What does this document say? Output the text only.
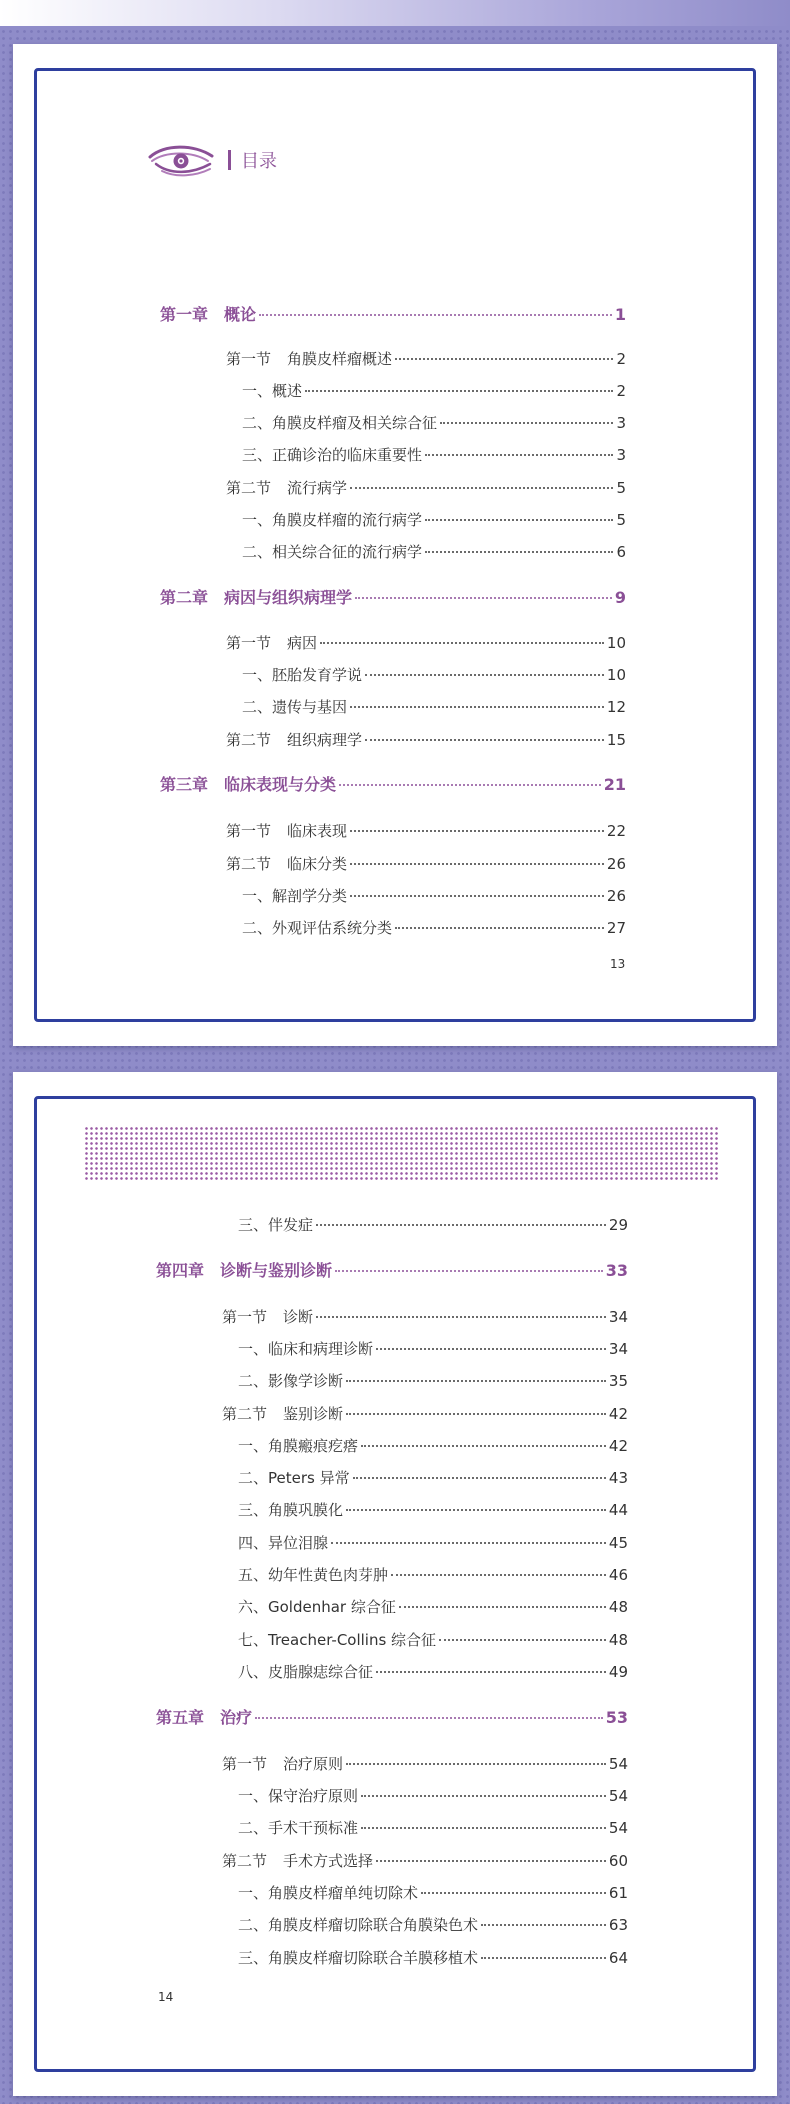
目录
第一章 概论	1
第一节 角膜皮样瘤概述	2
一、概述	2
二、角膜皮样瘤及相关综合征	3
三、正确诊治的临床重要性	3
第二节 流行病学	5
一、角膜皮样瘤的流行病学	5
二、相关综合征的流行病学	6
第二章 病因与组织病理学	9
第一节 病因	10
一、胚胎发育学说	10
二、遗传与基因	12
第二节 组织病理学	15
第三章 临床表现与分类	21
第一节 临床表现	22
第二节 临床分类	26
一、解剖学分类	26
二、外观评估系统分类	27
三、伴发症	29
第四章 诊断与鉴别诊断	33
第一节 诊断	34
一、临床和病理诊断	34
二、影像学诊断	35
第二节 鉴别诊断	42
一、角膜瘢痕疙瘩	42
二、Peters 异常	43
三、角膜巩膜化	44
四、异位泪腺	45
五、幼年性黄色肉芽肿	46
六、Goldenhar 综合征	48
七、Treacher-Collins 综合征	48
八、皮脂腺痣综合征	49
第五章 治疗	53
第一节 治疗原则	54
一、保守治疗原则	54
二、手术干预标准	54
第二节 手术方式选择	60
一、角膜皮样瘤单纯切除术	61
二、角膜皮样瘤切除联合角膜染色术	63
三、角膜皮样瘤切除联合羊膜移植术	64
13
14
